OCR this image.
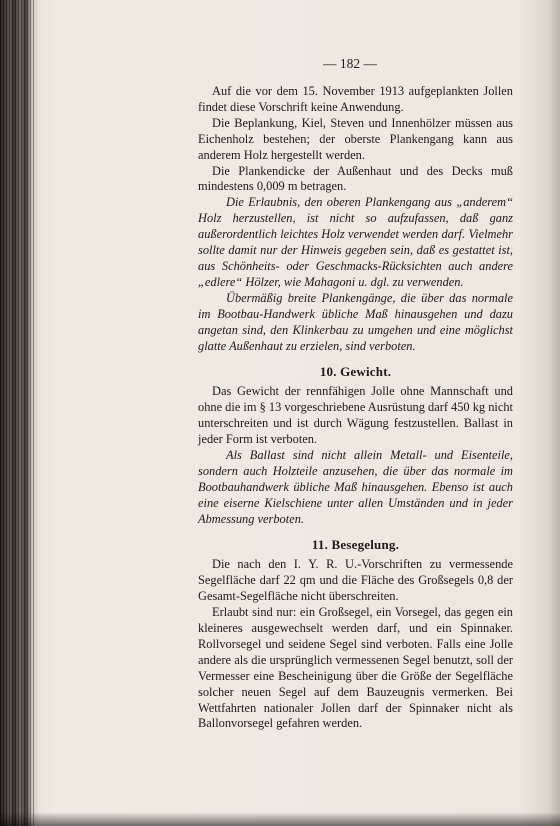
— 182 —

Auf die vor dem 15. November 1913 aufgeplankten Jollen findet diese Vorschrift keine Anwendung.

Die Beplankung, Kiel, Steven und Innenhölzer müssen aus Eichenholz bestehen; der oberste Plankengang kann aus anderem Holz hergestellt werden.

Die Plankendicke der Außenhaut und des Decks muß mindestens 0,009 m betragen.

Die Erlaubnis, den oberen Plankengang aus „anderem“ Holz herzustellen, ist nicht so aufzufassen, daß ganz außerordentlich leichtes Holz verwendet werden darf. Vielmehr sollte damit nur der Hinweis gegeben sein, daß es gestattet ist, aus Schönheits- oder Geschmacks-Rücksichten auch andere „edlere“ Hölzer, wie Mahagoni u. dgl. zu verwenden.

Übermäßig breite Plankengänge, die über das normale im Bootbau-Handwerk übliche Maß hinausgehen und dazu angetan sind, den Klinkerbau zu umgehen und eine möglichst glatte Außenhaut zu erzielen, sind verboten.

10. Gewicht.

Das Gewicht der rennfähigen Jolle ohne Mannschaft und ohne die im § 13 vorgeschriebene Ausrüstung darf 450 kg nicht unterschreiten und ist durch Wägung festzustellen. Ballast in jeder Form ist verboten.

Als Ballast sind nicht allein Metall- und Eisenteile, sondern auch Holzteile anzusehen, die über das normale im Bootbauhandwerk übliche Maß hinausgehen. Ebenso ist auch eine eiserne Kielschiene unter allen Umständen und in jeder Abmessung verboten.

11. Besegelung.

Die nach den I. Y. R. U.-Vorschriften zu vermessende Segelfläche darf 22 qm und die Fläche des Großsegels 0,8 der Gesamt-Segelfläche nicht überschreiten.

Erlaubt sind nur: ein Großsegel, ein Vorsegel, das gegen ein kleineres ausgewechselt werden darf, und ein Spinnaker. Rollvorsegel und seidene Segel sind verboten. Falls eine Jolle andere als die ursprünglich vermessenen Segel benutzt, soll der Vermesser eine Bescheinigung über die Größe der Segelfläche solcher neuen Segel auf dem Bauzeugnis vermerken. Bei Wettfahrten nationaler Jollen darf der Spinnaker nicht als Ballonvorsegel gefahren werden.
